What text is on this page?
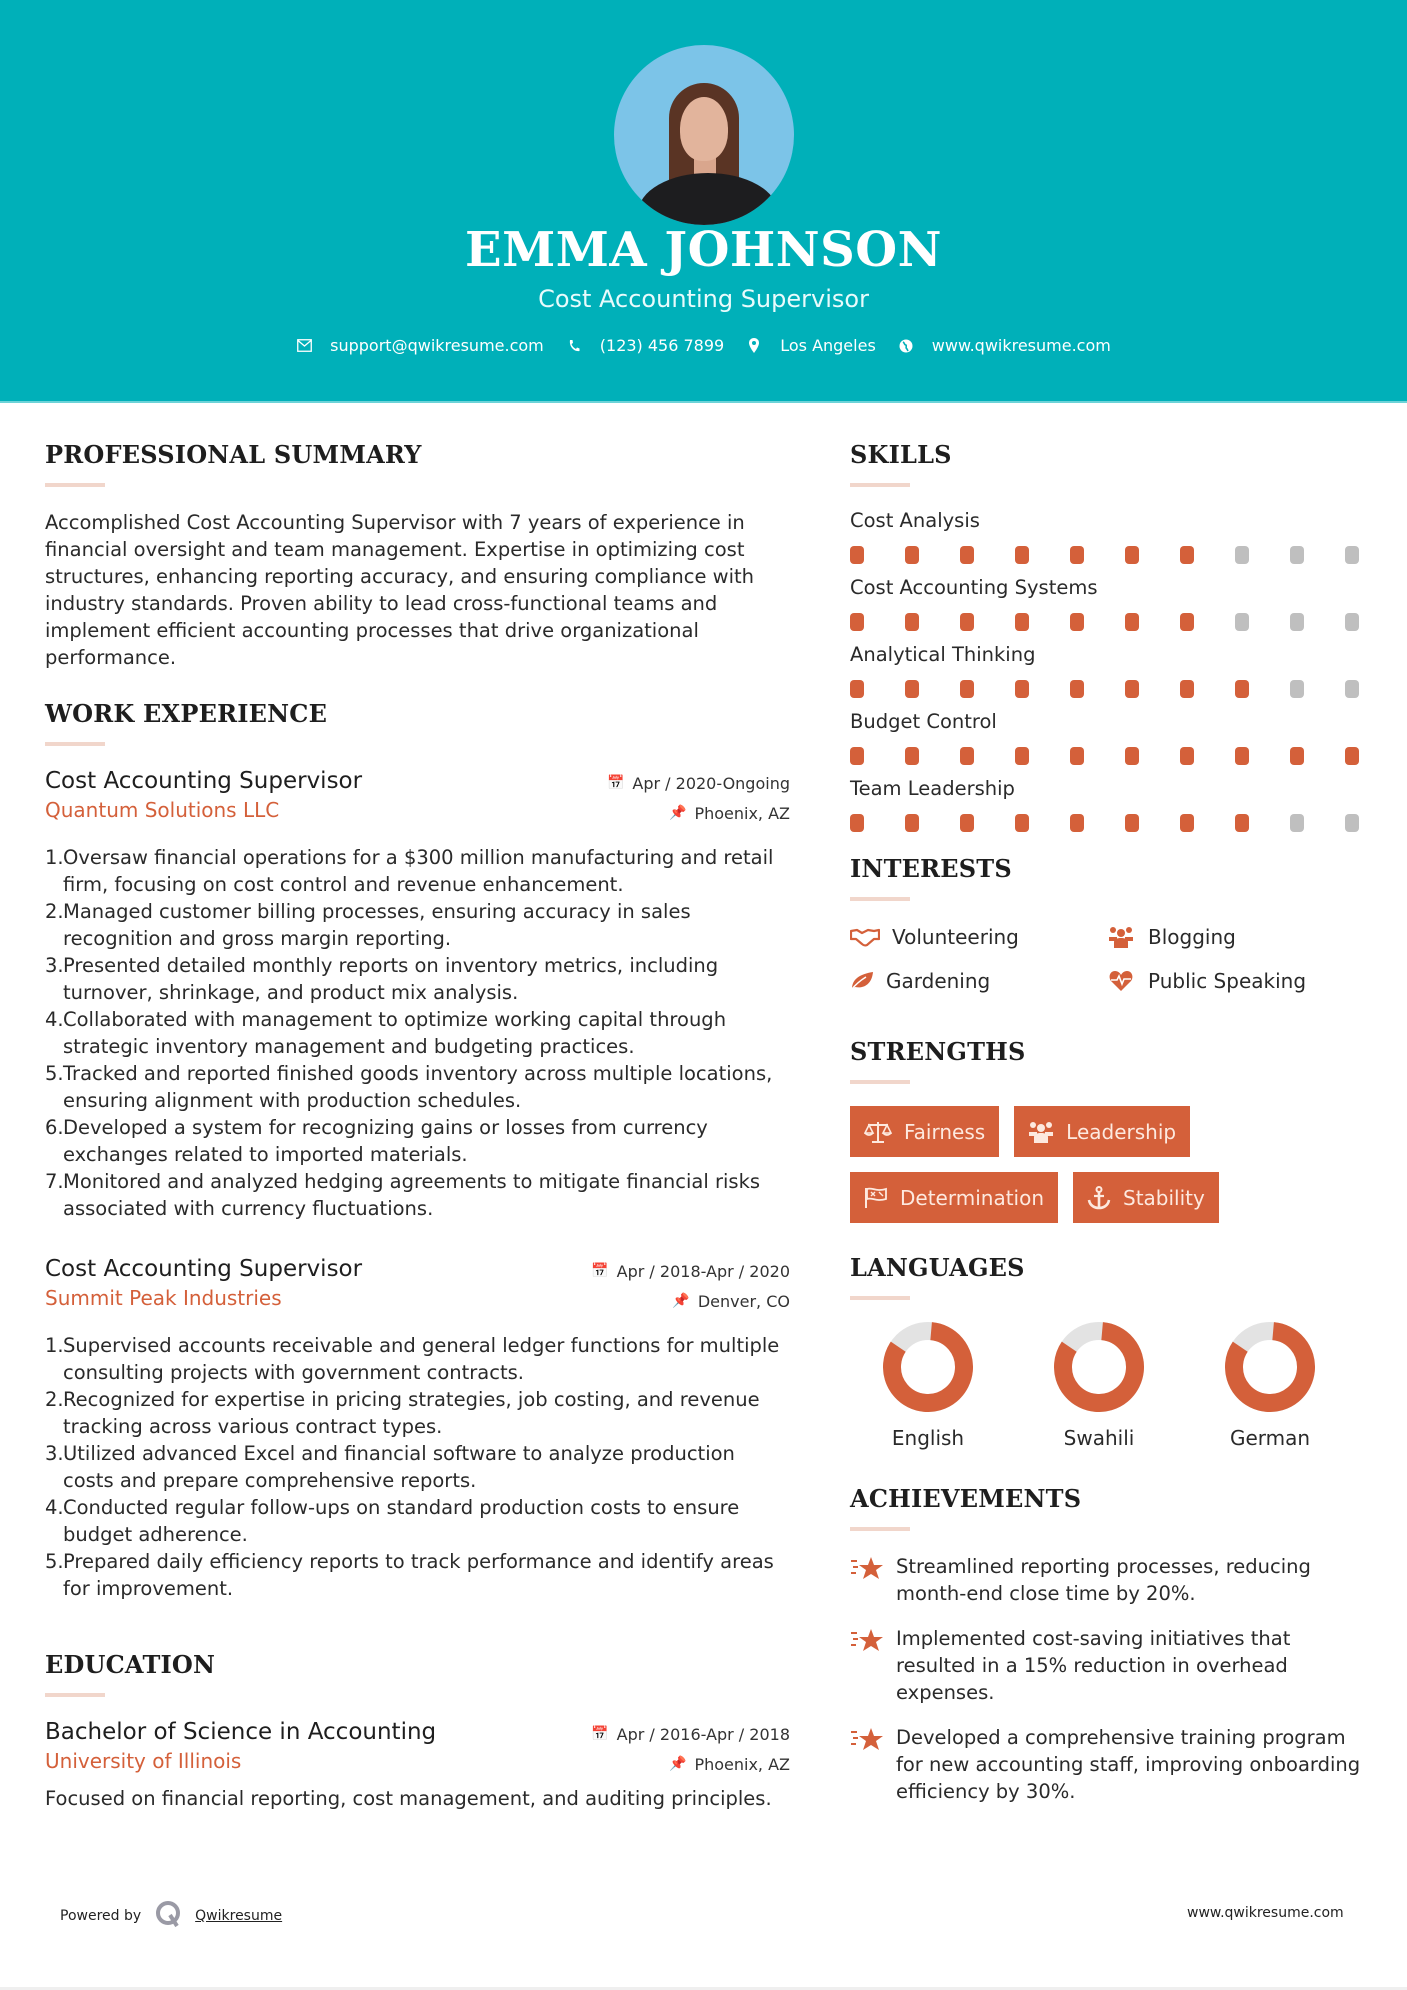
EMMA JOHNSON
Cost Accounting Supervisor
support@qwikresume.com	(123) 456 7899	Los Angeles	www.qwikresume.com
PROFESSIONAL SUMMARY

Accomplished Cost Accounting Supervisor with 7 years of experience in financial oversight and team management. Expertise in optimizing cost structures, enhancing reporting accuracy, and ensuring compliance with industry standards. Proven ability to lead cross-functional teams and implement efficient accounting processes that drive organizational performance.

WORK EXPERIENCE
Cost Accounting Supervisor
Quantum Solutions LLC
📅 Apr / 2020-Ongoing
📌 Phoenix, AZ
1. Oversaw financial operations for a $300 million manufacturing and retail firm, focusing on cost control and revenue enhancement.
2. Managed customer billing processes, ensuring accuracy in sales recognition and gross margin reporting.
3. Presented detailed monthly reports on inventory metrics, including turnover, shrinkage, and product mix analysis.
4. Collaborated with management to optimize working capital through strategic inventory management and budgeting practices.
5. Tracked and reported finished goods inventory across multiple locations, ensuring alignment with production schedules.
6. Developed a system for recognizing gains or losses from currency exchanges related to imported materials.
7. Monitored and analyzed hedging agreements to mitigate financial risks associated with currency fluctuations.
Cost Accounting Supervisor
Summit Peak Industries
📅 Apr / 2018-Apr / 2020
📌 Denver, CO
1. Supervised accounts receivable and general ledger functions for multiple consulting projects with government contracts.
2. Recognized for expertise in pricing strategies, job costing, and revenue tracking across various contract types.
3. Utilized advanced Excel and financial software to analyze production costs and prepare comprehensive reports.
4. Conducted regular follow-ups on standard production costs to ensure budget adherence.
5. Prepared daily efficiency reports to track performance and identify areas for improvement.
EDUCATION
Bachelor of Science in Accounting
University of Illinois
📅 Apr / 2016-Apr / 2018
📌 Phoenix, AZ

Focused on financial reporting, cost management, and auditing principles.

SKILLS
Cost Analysis
Cost Accounting Systems
Analytical Thinking
Budget Control
Team Leadership
INTERESTS
Volunteering	Blogging
Gardening	Public Speaking
STRENGTHS
Fairness	Leadership
Determination	Stability
LANGUAGES
English	Swahili	German
ACHIEVEMENTS
Streamlined reporting processes, reducing month-end close time by 20%.
Implemented cost-saving initiatives that resulted in a 15% reduction in overhead expenses.
Developed a comprehensive training program for new accounting staff, improving onboarding efficiency by 30%.
Powered by	Qwikresume	www.qwikresume.com
